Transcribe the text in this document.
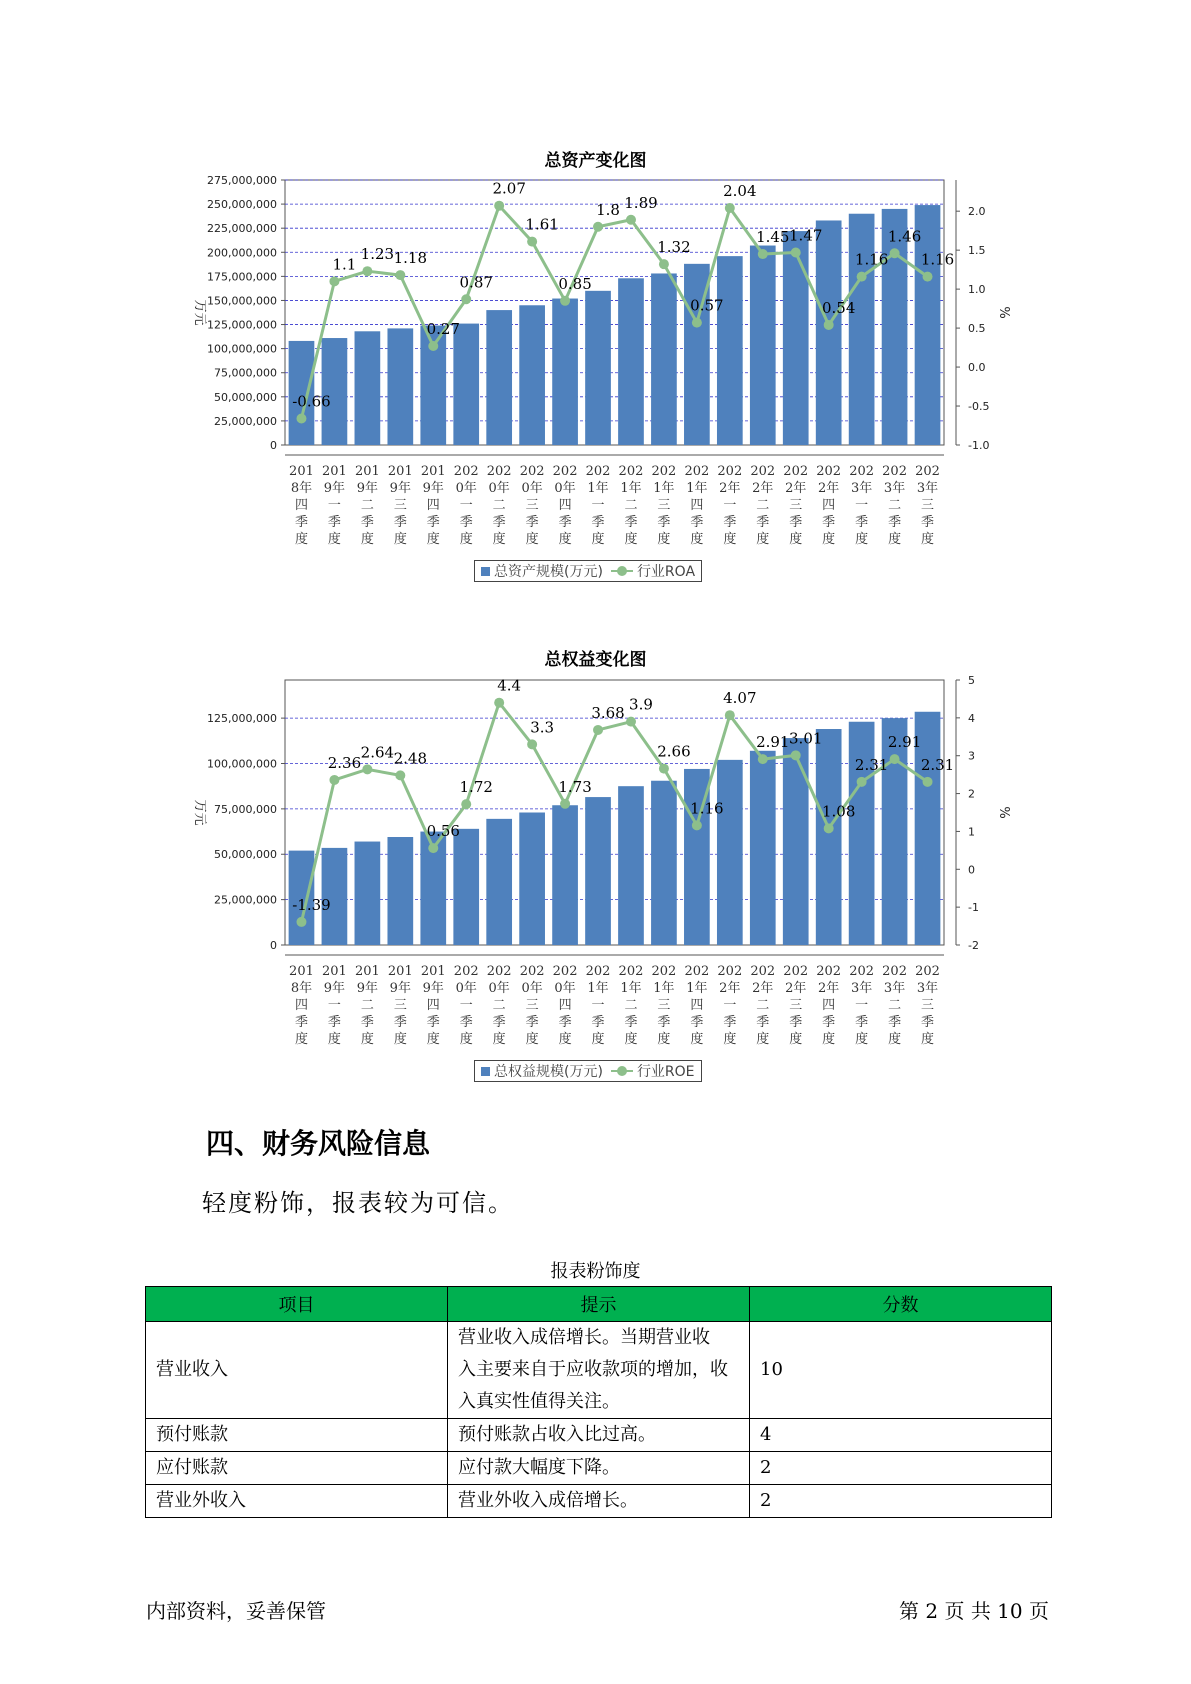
总资产变化图
0
25,000,000
50,000,000
75,000,000
100,000,000
125,000,000
150,000,000
175,000,000
200,000,000
225,000,000
250,000,000
275,000,000
-1.0
-0.5
0.0
0.5
1.0
1.5
2.0
万元	%
201
8年
四
季
度
201
9年
一
季
度
201
9年
二
季
度
201
9年
三
季
度
201
9年
四
季
度
202
0年
一
季
度
202
0年
二
季
度
202
0年
三
季
度
202
0年
四
季
度
202
1年
一
季
度
202
1年
二
季
度
202
1年
三
季
度
202
1年
四
季
度
202
2年
一
季
度
202
2年
二
季
度
202
2年
三
季
度
202
2年
四
季
度
202
3年
一
季
度
202
3年
二
季
度
202
3年
三
季
度
-0.66
1.1
1.23 1.18
0.27
0.87
2.07
1.61
0.85
1.8 1.89
1.32
0.57
2.04
1.45 1.47
0.54
1.16
1.46
1.16
总资产规模(万元) 行业ROA
总权益变化图
0
25,000,000
50,000,000
75,000,000
100,000,000
125,000,000
-2
-1
0
1
2
3
4
5
万元	%
201
8年
四
季
度
201
9年
一
季
度
201
9年
二
季
度
201
9年
三
季
度
201
9年
四
季
度
202
0年
一
季
度
202
0年
二
季
度
202
0年
三
季
度
202
0年
四
季
度
202
1年
一
季
度
202
1年
二
季
度
202
1年
三
季
度
202
1年
四
季
度
202
2年
一
季
度
202
2年
二
季
度
202
2年
三
季
度
202
2年
四
季
度
202
3年
一
季
度
202
3年
二
季
度
202
3年
三
季
度
-1.39
2.36
2.64 2.48
0.56
1.72
4.4
3.3
1.73
3.68 3.9
2.66
1.16
4.07
2.91 3.01
1.08
2.31
2.91
2.31
总权益规模(万元) 行业ROE
四、财务风险信息
轻度粉饰，报表较为可信。
报表粉饰度
项目	提示	分数
营业收入	营业收入成倍增长。当期营业收
入主要来自于应收款项的增加，收
入真实性值得关注。	10
预付账款	预付账款占收入比过高。	4
应付账款	应付款大幅度下降。	2
营业外收入	营业外收入成倍增长。	2
内部资料，妥善保管	第 2 页 共 10 页
